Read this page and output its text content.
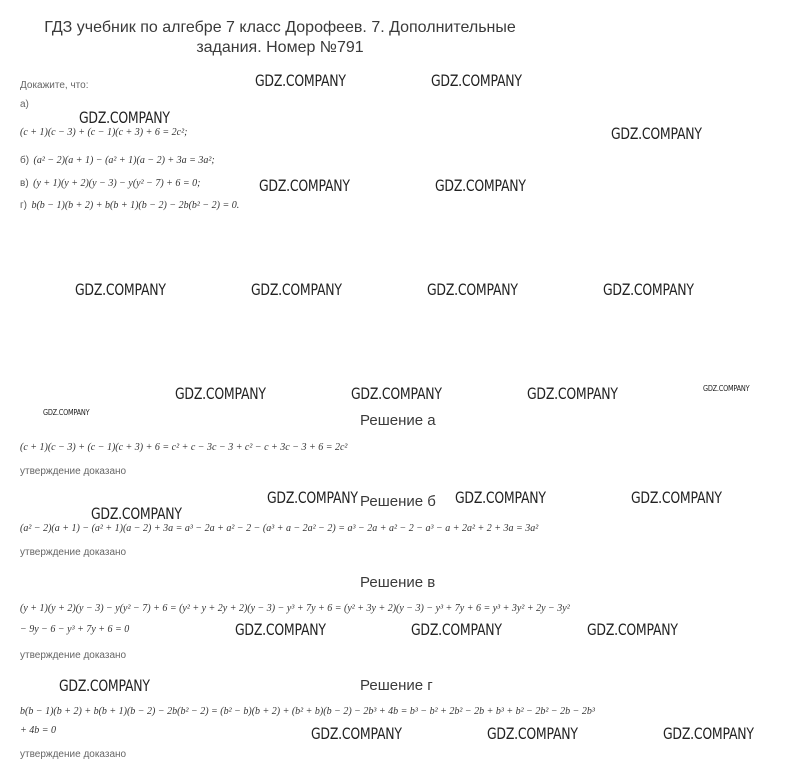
ГДЗ учебник по алгебре 7 класс Дорофеев. 7. Дополнительные
задания. Номер №791
Докажите, что:
а)
(c + 1)(c − 3) + (c − 1)(c + 3) + 6 = 2c²;
б) (a² − 2)(a + 1) − (a² + 1)(a − 2) + 3a = 3a²;
в) (y + 1)(y + 2)(y − 3) − y(y² − 7) + 6 = 0;
г) b(b − 1)(b + 2) + b(b + 1)(b − 2) − 2b(b² − 2) = 0.
Решение а
(c + 1)(c − 3) + (c − 1)(c + 3) + 6 = c² + c − 3c − 3 + c² − c + 3c − 3 + 6 = 2c²
утверждение доказано
Решение б
(a² − 2)(a + 1) − (a² + 1)(a − 2) + 3a = a³ − 2a + a² − 2 − (a³ + a − 2a² − 2) = a³ − 2a + a² − 2 − a³ − a + 2a² + 2 + 3a = 3a²
утверждение доказано
Решение в
(y + 1)(y + 2)(y − 3) − y(y² − 7) + 6 = (y² + y + 2y + 2)(y − 3) − y³ + 7y + 6 = (y² + 3y + 2)(y − 3) − y³ + 7y + 6 = y³ + 3y² + 2y − 3y²
− 9y − 6 − y³ + 7y + 6 = 0
утверждение доказано
Решение г
b(b − 1)(b + 2) + b(b + 1)(b − 2) − 2b(b² − 2) = (b² − b)(b + 2) + (b² + b)(b − 2) − 2b³ + 4b = b³ − b² + 2b² − 2b + b³ + b² − 2b² − 2b − 2b³
+ 4b = 0
утверждение доказано
GDZ.COMPANY	GDZ.COMPANY
GDZ.COMPANY
GDZ.COMPANY
GDZ.COMPANY	GDZ.COMPANY
GDZ.COMPANY	GDZ.COMPANY	GDZ.COMPANY	GDZ.COMPANY
GDZ.COMPANY	GDZ.COMPANY	GDZ.COMPANY	GDZ.COMPANY
GDZ.COMPANY
GDZ.COMPANY	GDZ.COMPANY	GDZ.COMPANY
GDZ.COMPANY
GDZ.COMPANY	GDZ.COMPANY	GDZ.COMPANY
GDZ.COMPANY
GDZ.COMPANY	GDZ.COMPANY	GDZ.COMPANY
